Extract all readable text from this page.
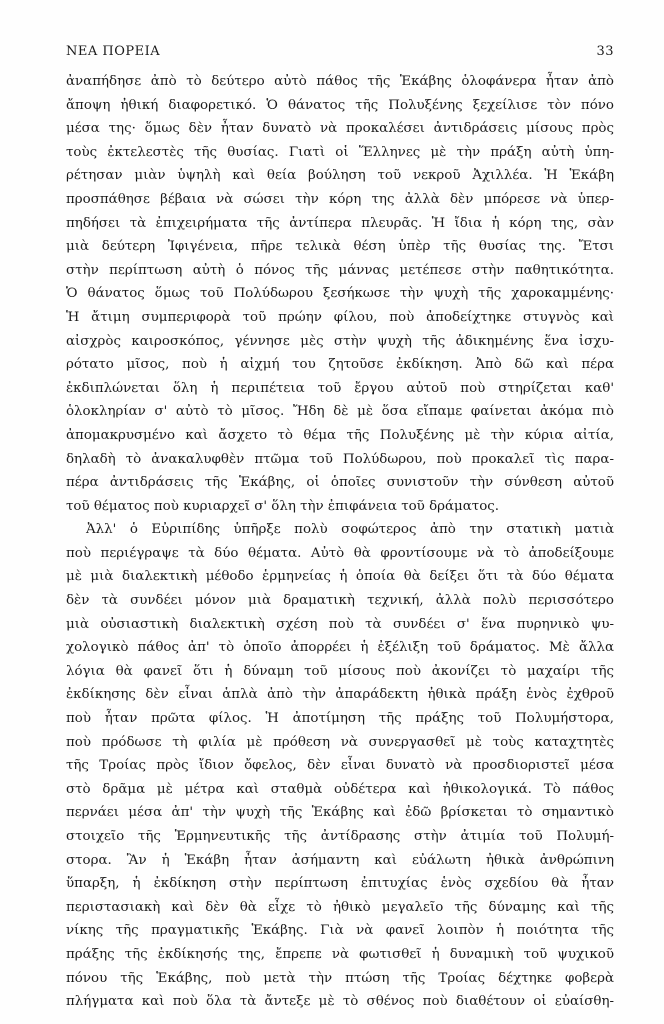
ΝΕΑ ΠΟΡΕΙΑ	33
ἀναπήδησε ἀπὸ τὸ δεύτερο αὐτὸ πάθος τῆς Ἑκάβης ὁλοφάνερα ἦταν ἀπὸ
ἄποψη ἠθική διαφορετικό. Ὁ θάνατος τῆς Πολυξένης ξεχείλισε τὸν πόνο
μέσα της· ὅμως δὲν ἦταν δυνατὸ νὰ προκαλέσει ἀντιδράσεις μίσους πρὸς
τοὺς ἐκτελεστὲς τῆς θυσίας. Γιατὶ οἱ Ἕλληνες μὲ τὴν πράξη αὐτὴ ὑπη-
ρέτησαν μιὰν ὑψηλὴ καὶ θεία βούληση τοῦ νεκροῦ Ἀχιλλέα. Ἡ Ἑκάβη
προσπάθησε βέβαια νὰ σώσει τὴν κόρη της ἀλλὰ δὲν μπόρεσε νὰ ὑπερ-
πηδήσει τὰ ἐπιχειρήματα τῆς ἀντίπερα πλευρᾶς. Ἡ ἴδια ἡ κόρη της, σὰν
μιὰ δεύτερη Ἰφιγένεια, πῆρε τελικὰ θέση ὑπὲρ τῆς θυσίας της. Ἔτσι
στὴν περίπτωση αὐτὴ ὁ πόνος τῆς μάννας μετέπεσε στὴν παθητικότητα.
Ὁ θάνατος ὅμως τοῦ Πολύδωρου ξεσήκωσε τὴν ψυχὴ τῆς χαροκαμμένης·
Ἡ ἄτιμη συμπεριφορὰ τοῦ πρώην φίλου, ποὺ ἀποδείχτηκε στυγνὸς καὶ
αἰσχρὸς καιροσκόπος, γέννησε μὲς στὴν ψυχὴ τῆς ἀδικημένης ἕνα ἰσχυ-
ρότατο μῖσος, ποὺ ἡ αἰχμή του ζητοῦσε ἐκδίκηση. Ἀπὸ δῶ καὶ πέρα
ἐκδιπλώνεται ὅλη ἡ περιπέτεια τοῦ ἔργου αὐτοῦ ποὺ στηρίζεται καθ'
ὁλοκληρίαν σ' αὐτὸ τὸ μῖσος. Ἤδη δὲ μὲ ὅσα εἴπαμε φαίνεται ἀκόμα πιὸ
ἀπομακρυσμένο καὶ ἄσχετο τὸ θέμα τῆς Πολυξένης μὲ τὴν κύρια αἰτία,
δηλαδὴ τὸ ἀνακαλυφθὲν πτῶμα τοῦ Πολύδωρου, ποὺ προκαλεῖ τὶς παρα-
πέρα ἀντιδράσεις τῆς Ἑκάβης, οἱ ὁποῖες συνιστοῦν τὴν σύνθεση αὐτοῦ
τοῦ θέματος ποὺ κυριαρχεῖ σ' ὅλη τὴν ἐπιφάνεια τοῦ δράματος.
Ἀλλ' ὁ Εὐριπίδης ὑπῆρξε πολὺ σοφώτερος ἀπὸ την στατικὴ ματιὰ
ποὺ περιέγραψε τὰ δύο θέματα. Αὐτὸ θὰ φροντίσουμε νὰ τὸ ἀποδείξουμε
μὲ μιὰ διαλεκτικὴ μέθοδο ἑρμηνείας ἡ ὁποία θὰ δείξει ὅτι τὰ δύο θέματα
δὲν τὰ συνδέει μόνον μιὰ δραματικὴ τεχνική, ἀλλὰ πολὺ περισσότερο
μιὰ οὐσιαστικὴ διαλεκτικὴ σχέση ποὺ τὰ συνδέει σ' ἕνα πυρηνικὸ ψυ-
χολογικὸ πάθος ἀπ' τὸ ὁποῖο ἀπορρέει ἡ ἐξέλιξη τοῦ δράματος. Μὲ ἄλλα
λόγια θὰ φανεῖ ὅτι ἡ δύναμη τοῦ μίσους ποὺ ἀκονίζει τὸ μαχαίρι τῆς
ἐκδίκησης δὲν εἶναι ἁπλὰ ἀπὸ τὴν ἀπαράδεκτη ἠθικὰ πράξη ἑνὸς ἐχθροῦ
ποὺ ἦταν πρῶτα φίλος. Ἡ ἀποτίμηση τῆς πράξης τοῦ Πολυμήστορα,
ποὺ πρόδωσε τὴ φιλία μὲ πρόθεση νὰ συνεργασθεῖ μὲ τοὺς καταχτητὲς
τῆς Τροίας πρὸς ἴδιον ὄφελος, δὲν εἶναι δυνατὸ νὰ προσδιοριστεῖ μέσα
στὸ δρᾶμα μὲ μέτρα καὶ σταθμὰ οὐδέτερα καὶ ἠθικολογικά. Τὸ πάθος
περνάει μέσα ἀπ' τὴν ψυχὴ τῆς Ἑκάβης καὶ ἐδῶ βρίσκεται τὸ σημαντικὸ
στοιχεῖο τῆς Ἑρμηνευτικῆς τῆς ἀντίδρασης στὴν ἀτιμία τοῦ Πολυμή-
στορα. Ἂν ἡ Ἑκάβη ἦταν ἀσήμαντη καὶ εὐάλωτη ἠθικὰ ἀνθρώπινη
ὕπαρξη, ἡ ἐκδίκηση στὴν περίπτωση ἐπιτυχίας ἑνὸς σχεδίου θὰ ἦταν
περιστασιακὴ καὶ δὲν θὰ εἶχε τὸ ἠθικὸ μεγαλεῖο τῆς δύναμης καὶ τῆς
νίκης τῆς πραγματικῆς Ἑκάβης. Γιὰ νὰ φανεῖ λοιπὸν ἡ ποιότητα τῆς
πράξης τῆς ἐκδίκησής της, ἔπρεπε νὰ φωτισθεῖ ἡ δυναμικὴ τοῦ ψυχικοῦ
πόνου τῆς Ἑκάβης, ποὺ μετὰ τὴν πτώση τῆς Τροίας δέχτηκε φοβερὰ
πλήγματα καὶ ποὺ ὅλα τὰ ἄντεξε μὲ τὸ σθένος ποὺ διαθέτουν οἱ εὐαίσθη-
